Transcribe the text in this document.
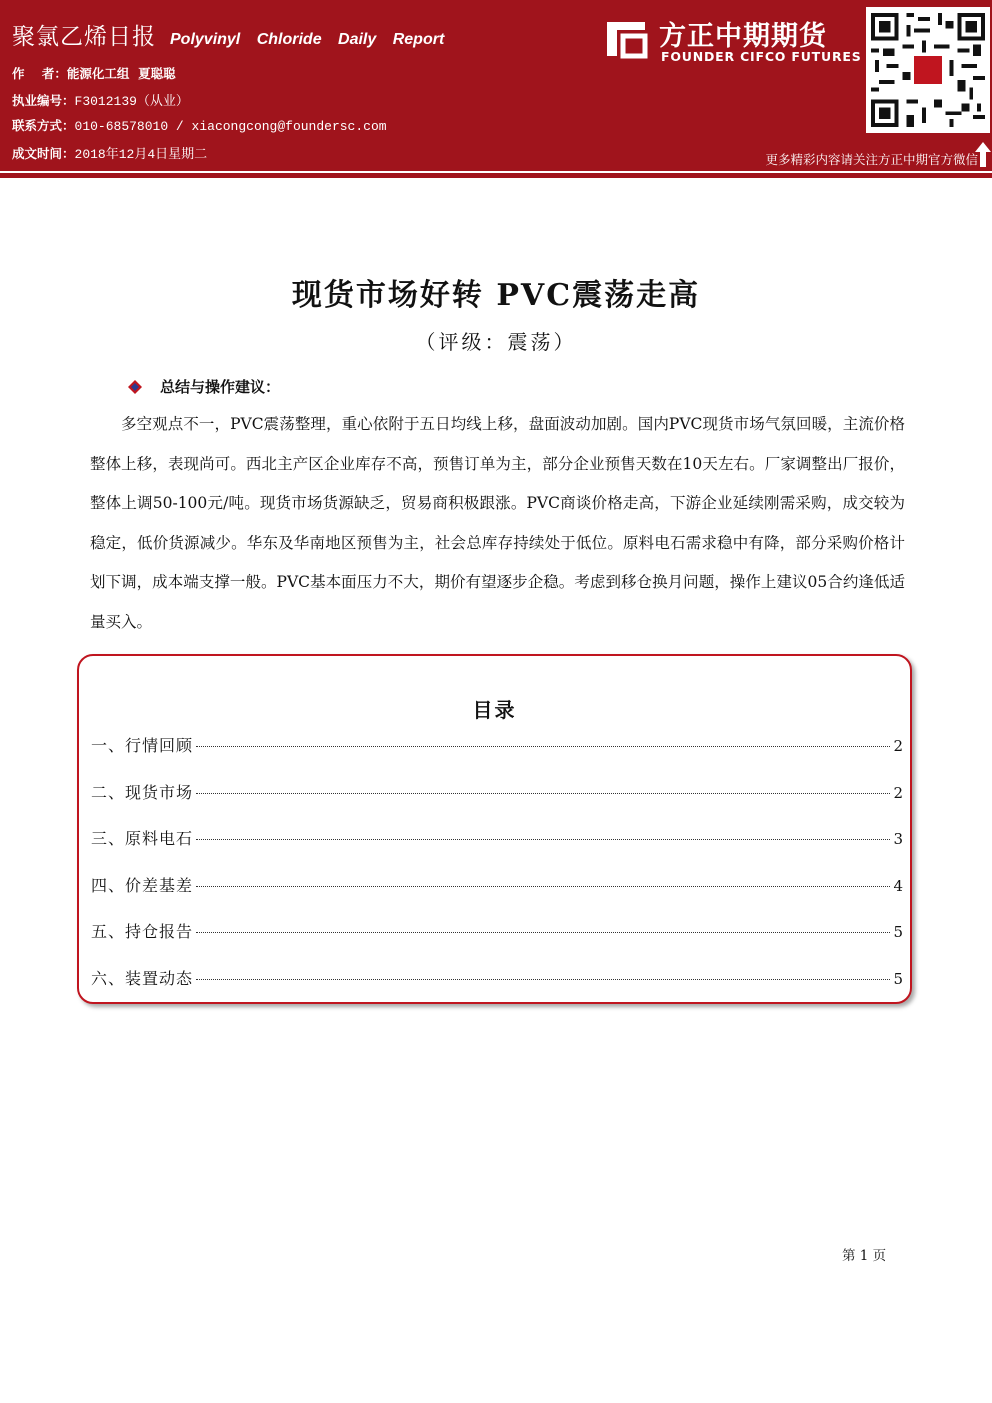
聚氯乙烯日报 Polyvinyl Chloride Daily Report
作    者：能源化工组  夏聪聪
执业编号：F3012139（从业）
联系方式：010-68578010 / xiacongcong@foundersc.com
成文时间：2018年12月4日星期二
方正中期期货
FOUNDER CIFCO FUTURES
更多精彩内容请关注方正中期官方微信
现货市场好转 PVC震荡走高
（评级：震荡）
总结与操作建议：

多空观点不一，PVC震荡整理，重心依附于五日均线上移，盘面波动加剧。国内PVC现货市场气氛回暖，主流价格整体上移，表现尚可。西北主产区企业库存不高，预售订单为主，部分企业预售天数在10天左右。厂家调整出厂报价，整体上调50-100元/吨。现货市场货源缺乏，贸易商积极跟涨。PVC商谈价格走高，下游企业延续刚需采购，成交较为稳定，低价货源减少。华东及华南地区预售为主，社会总库存持续处于低位。原料电石需求稳中有降，部分采购价格计划下调，成本端支撑一般。PVC基本面压力不大，期价有望逐步企稳。考虑到移仓换月问题，操作上建议05合约逢低适量买入。

目录
一、行情回顾	2
二、现货市场	2
三、原料电石	3
四、价差基差	4
五、持仓报告	5
六、装置动态	5
第 1 页
